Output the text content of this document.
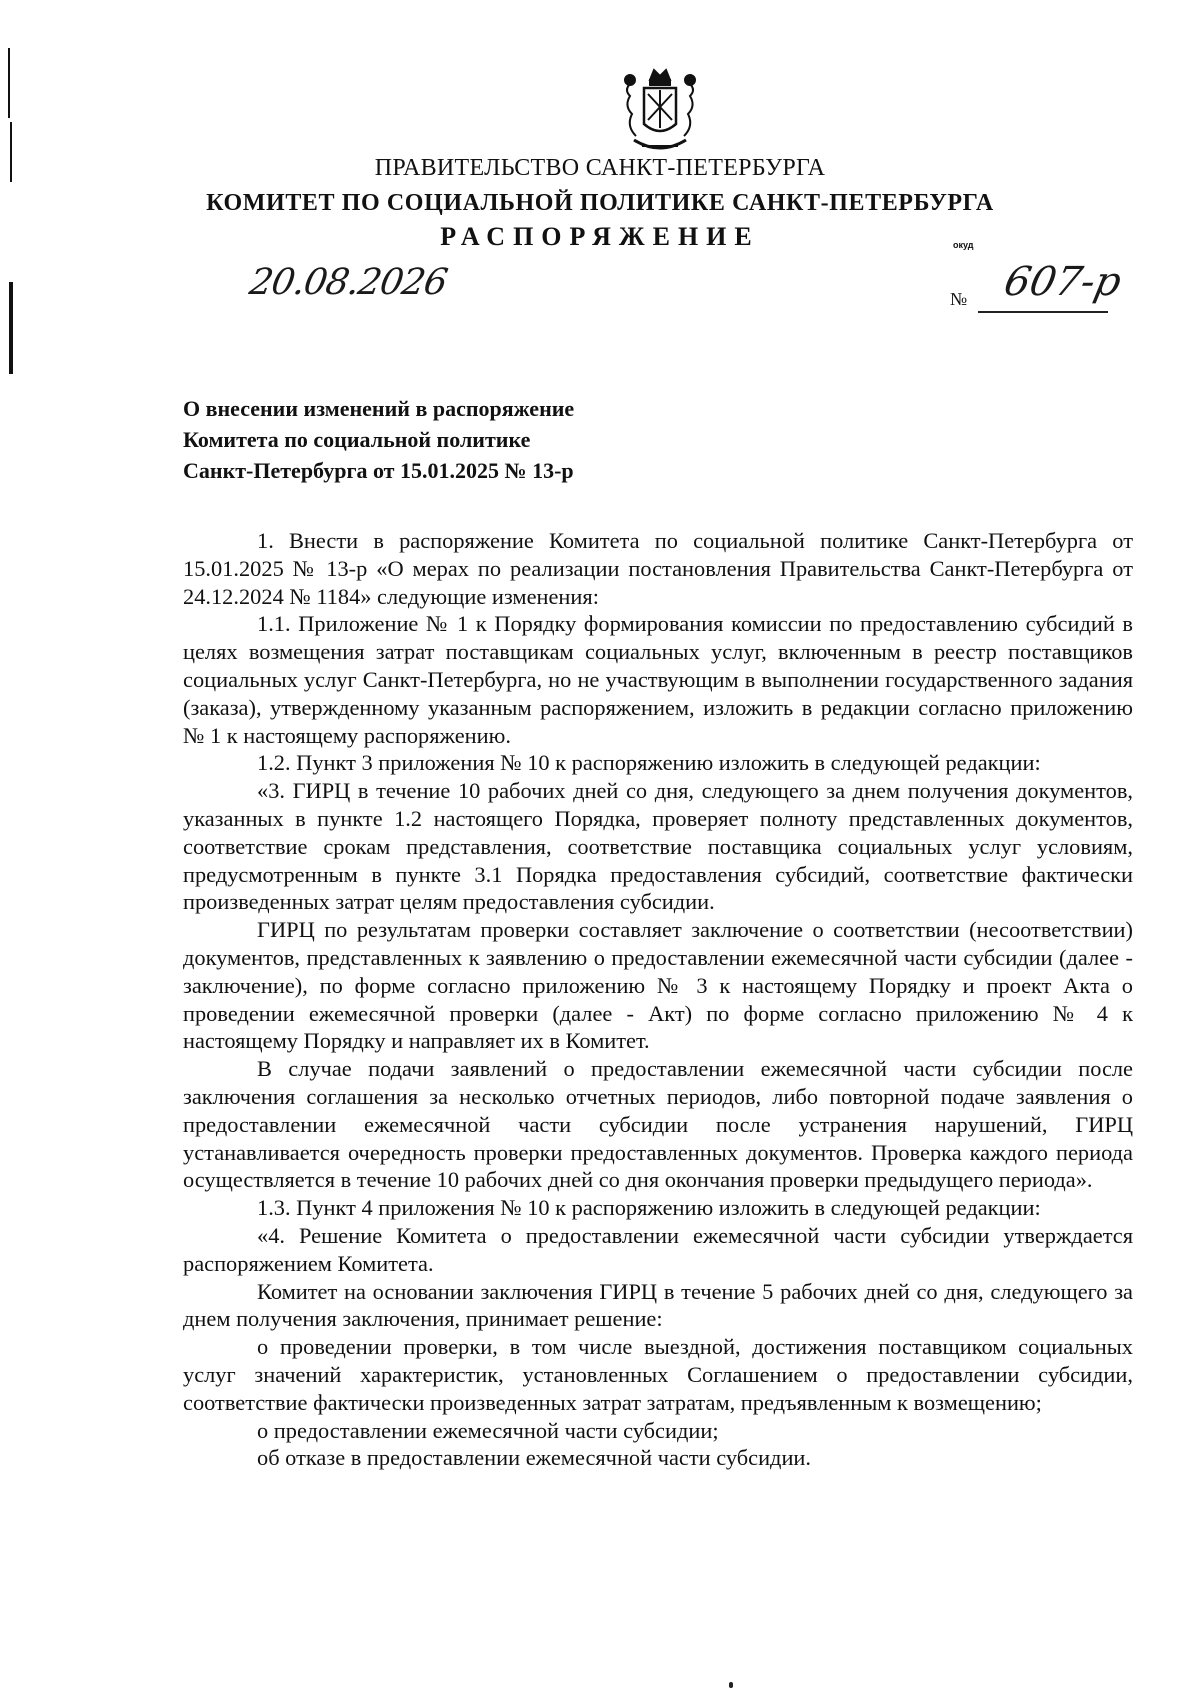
ПРАВИТЕЛЬСТВО САНКТ-ПЕТЕРБУРГА
КОМИТЕТ ПО СОЦИАЛЬНОЙ ПОЛИТИКЕ САНКТ-ПЕТЕРБУРГА
РАСПОРЯЖЕНИЕ	окуд
20.08.2026	№ 607-р
О внесении изменений в распоряжение
Комитета по социальной политике
Санкт-Петербурга от 15.01.2025 № 13-р

1. Внести в распоряжение Комитета по социальной политике Санкт-Петербурга от 15.01.2025 № 13-р «О мерах по реализации постановления Правительства Санкт-Петербурга от 24.12.2024 № 1184» следующие изменения:

1.1. Приложение № 1 к Порядку формирования комиссии по предоставлению субсидий в целях возмещения затрат поставщикам социальных услуг, включенным в реестр поставщиков социальных услуг Санкт-Петербурга, но не участвующим в выполнении государственного задания (заказа), утвержденному указанным распоряжением, изложить в редакции согласно приложению № 1 к настоящему распоряжению.

1.2. Пункт 3 приложения № 10 к распоряжению изложить в следующей редакции:

«3. ГИРЦ в течение 10 рабочих дней со дня, следующего за днем получения документов, указанных в пункте 1.2 настоящего Порядка, проверяет полноту представленных документов, соответствие срокам представления, соответствие поставщика социальных услуг условиям, предусмотренным в пункте 3.1 Порядка предоставления субсидий, соответствие фактически произведенных затрат целям предоставления субсидии.

ГИРЦ по результатам проверки составляет заключение о соответствии (несоответствии) документов, представленных к заявлению о предоставлении ежемесячной части субсидии (далее - заключение), по форме согласно приложению № 3 к настоящему Порядку и проект Акта о проведении ежемесячной проверки (далее - Акт) по форме согласно приложению № 4 к настоящему Порядку и направляет их в Комитет.

В случае подачи заявлений о предоставлении ежемесячной части субсидии после заключения соглашения за несколько отчетных периодов, либо повторной подаче заявления о предоставлении ежемесячной части субсидии после устранения нарушений, ГИРЦ устанавливается очередность проверки предоставленных документов. Проверка каждого периода осуществляется в течение 10 рабочих дней со дня окончания проверки предыдущего периода».

1.3. Пункт 4 приложения № 10 к распоряжению изложить в следующей редакции:

«4. Решение Комитета о предоставлении ежемесячной части субсидии утверждается распоряжением Комитета.

Комитет на основании заключения ГИРЦ в течение 5 рабочих дней со дня, следующего за днем получения заключения, принимает решение:

о проведении проверки, в том числе выездной, достижения поставщиком социальных услуг значений характеристик, установленных Соглашением о предоставлении субсидии, соответствие фактически произведенных затрат затратам, предъявленным к возмещению;

о предоставлении ежемесячной части субсидии;

об отказе в предоставлении ежемесячной части субсидии.
